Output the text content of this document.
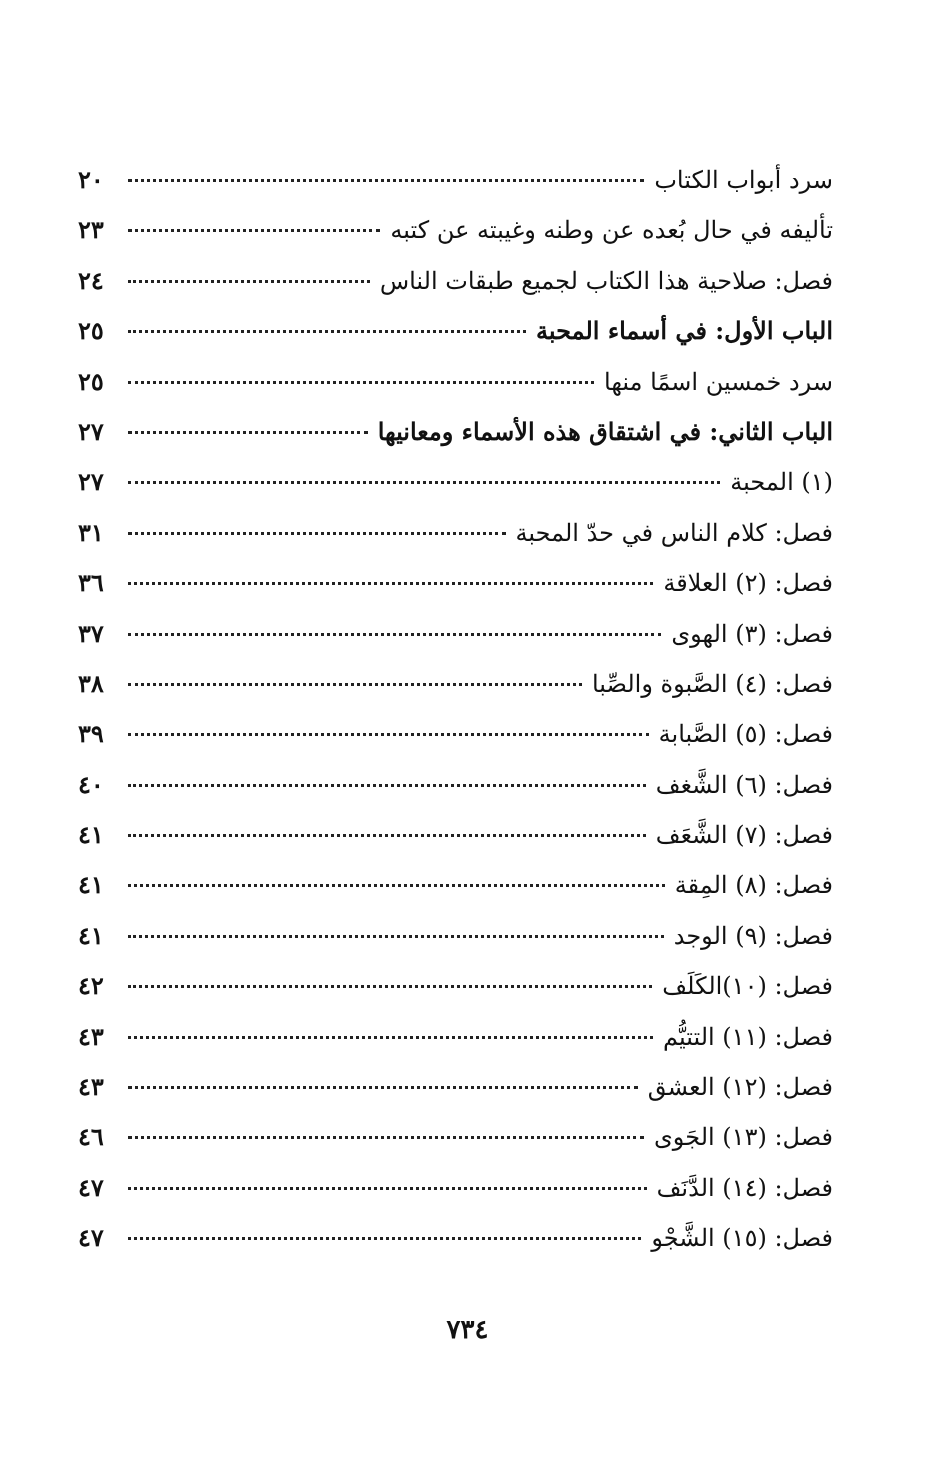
سرد أبواب الكتاب
٢٠
تأليفه في حال بُعده عن وطنه وغيبته عن كتبه
٢٣
فصل: صلاحية هذا الكتاب لجميع طبقات الناس
٢٤
الباب الأول: في أسماء المحبة
٢٥
سرد خمسين اسمًا منها
٢٥
الباب الثاني: في اشتقاق هذه الأسماء ومعانيها
٢٧
(١) المحبة
٢٧
فصل: كلام الناس في حدّ المحبة
٣١
فصل: (٢) العلاقة
٣٦
فصل: (٣) الهوى
٣٧
فصل: (٤) الصَّبوة والصِّبا
٣٨
فصل: (٥) الصَّبابة
٣٩
فصل: (٦) الشَّغف
٤٠
فصل: (٧) الشَّعَف
٤١
فصل: (٨) المِقة
٤١
فصل: (٩) الوجد
٤١
فصل: (١٠)الكَلَف
٤٢
فصل: (١١) التتيُّم
٤٣
فصل: (١٢) العشق
٤٣
فصل: (١٣) الجَوى
٤٦
فصل: (١٤) الدَّنَف
٤٧
فصل: (١٥) الشَّجْو
٤٧
٧٣٤
